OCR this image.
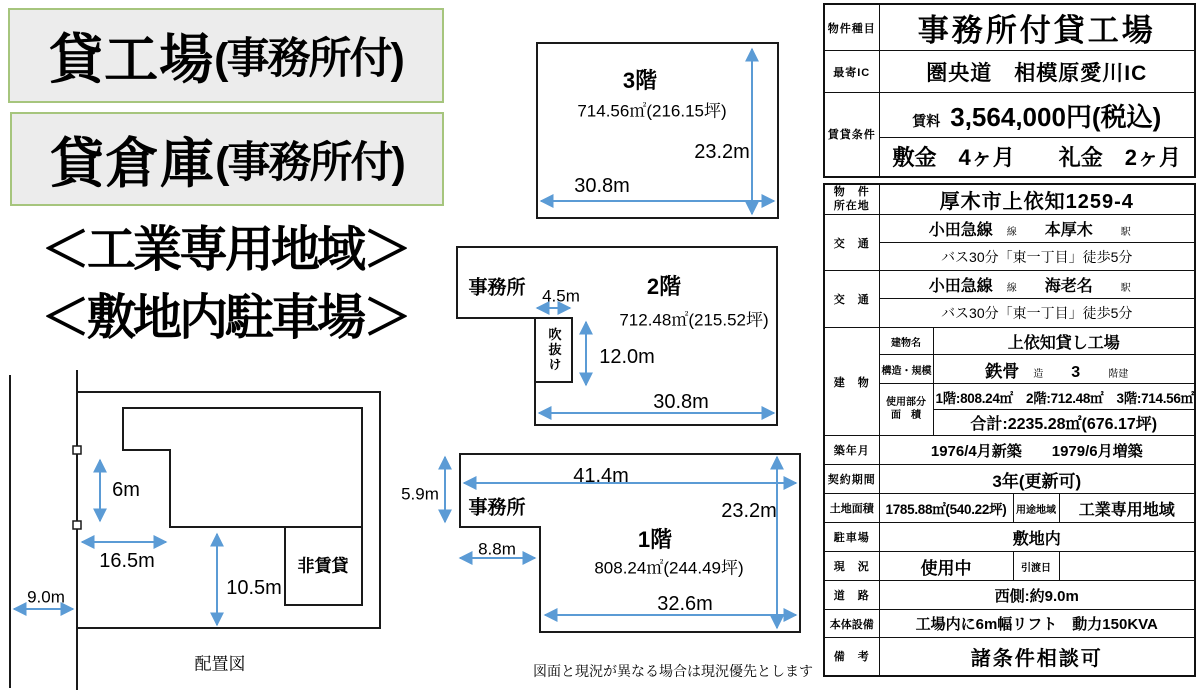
貸工場 (事務所付)
貸倉庫 (事務所付)
＜工業専用地域＞
＜敷地内駐車場＞
3階
714.56㎡(216.15坪)
23.2m
30.8m
事務所 4.5m	2階
712.48㎡(215.52坪)
吹抜け 12.0m
30.8m
41.4m
事務所	23.2m
1階
808.24㎡(244.49坪)
8.8m
32.6m
5.9m
6m
16.5m
10.5m
9.0m
非賃貸
配置図	図面と現況が異なる場合は現況優先とします
物件種目	事務所付貸工場
最寄IC	圏央道　相模原愛川IC
賃貸条件	賃料 3,564,000円(税込)
	敷金　4ヶ月　　礼金　2ヶ月
物　件
所在地	厚木市上依知1259-4			
交　通	小田急線 線 本厚木 駅			
	バス30分「東一丁目」徒歩5分			
交　通	小田急線 線 海老名 駅			
	バス30分「東一丁目」徒歩5分			
建　物	建物名	上依知貸し工場		
	構造・規模	鉄骨 造 3 階建		

	使用部分
面　積	1階:808.24㎡　2階:712.48㎡　3階:714.56㎡		
		合計:2235.28㎡(676.17坪)		
築年月	1976/4月新築　　1979/6月増築			
契約期間	3年(更新可)			
土地面積	1785.88㎡(540.22坪)		用途地域	工業専用地域
駐車場	敷地内			
現　況	使用中		引渡日	
道　路	西側:約9.0m			
本体設備	工場内に6m幅リフト　動力150KVA			
備　考	諸条件相談可			
